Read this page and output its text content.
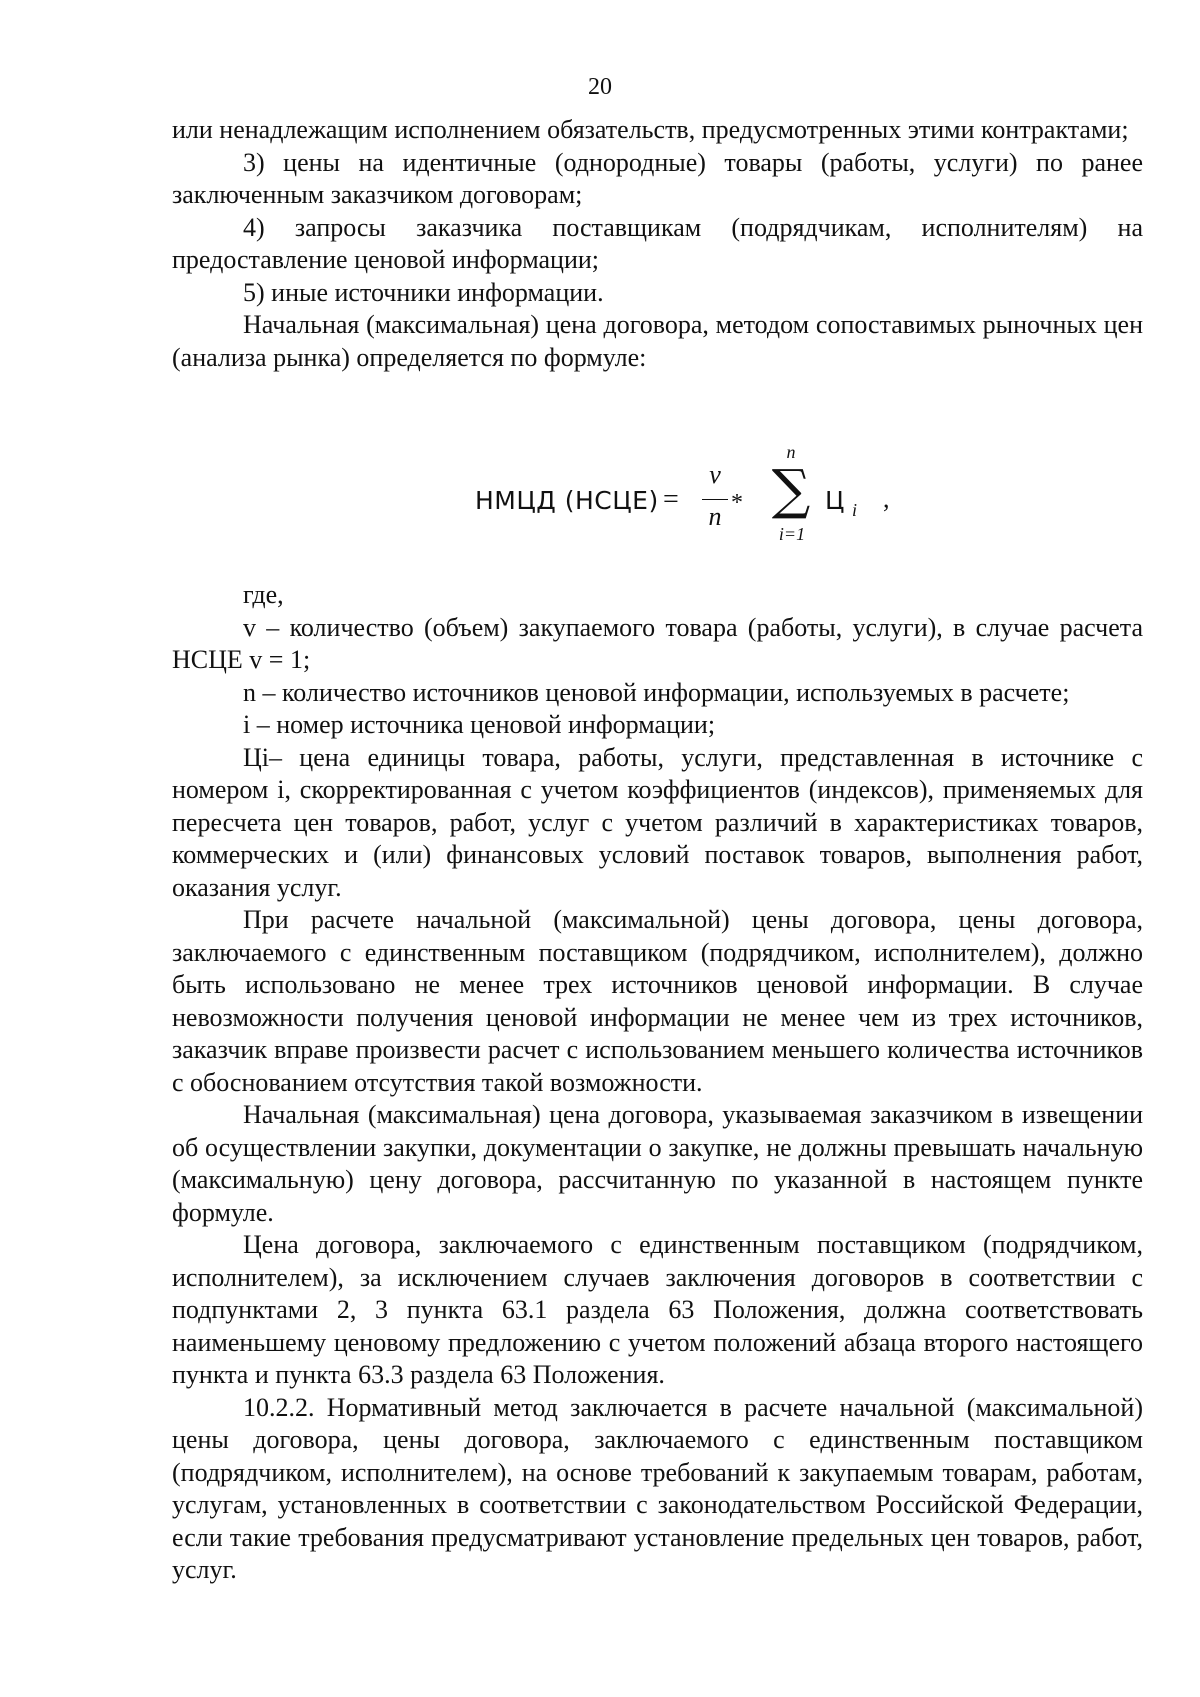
20

или ненадлежащим исполнением обязательств, предусмотренных этими контрактами;

3) цены на идентичные (однородные) товары (работы, услуги) по ранее заключенным заказчиком договорам;

4) запросы заказчика поставщикам (подрядчикам, исполнителям) на предоставление ценовой информации;

5) иные источники информации.

Начальная (максимальная) цена договора, методом сопоставимых рыночных цен (анализа рынка) определяется по формуле:

НМЦД (НСЦЕ) =
v
n *
n
∑
i=1
Ц i ,

где,

v – количество (объем) закупаемого товара (работы, услуги), в случае расчета НСЦЕ v = 1;

n – количество источников ценовой информации, используемых в расчете;

i – номер источника ценовой информации;

Цi– цена единицы товара, работы, услуги, представленная в источнике с номером i, скорректированная с учетом коэффициентов (индексов), применяемых для пересчета цен товаров, работ, услуг с учетом различий в характеристиках товаров, коммерческих и (или) финансовых условий поставок товаров, выполнения работ, оказания услуг.

При расчете начальной (максимальной) цены договора, цены договора, заключаемого с единственным поставщиком (подрядчиком, исполнителем), должно быть использовано не менее трех источников ценовой информации. В случае невозможности получения ценовой информации не менее чем из трех источников, заказчик вправе произвести расчет с использованием меньшего количества источников с обоснованием отсутствия такой возможности.

Начальная (максимальная) цена договора, указываемая заказчиком в извещении об осуществлении закупки, документации о закупке, не должны превышать начальную (максимальную) цену договора, рассчитанную по указанной в настоящем пункте формуле.

Цена договора, заключаемого с единственным поставщиком (подрядчиком, исполнителем), за исключением случаев заключения договоров в соответствии с подпунктами 2, 3 пункта 63.1 раздела 63 Положения, должна соответствовать наименьшему ценовому предложению с учетом положений абзаца второго настоящего пункта и пункта 63.3 раздела 63 Положения.

10.2.2. Нормативный метод заключается в расчете начальной (максимальной) цены договора, цены договора, заключаемого с единственным поставщиком (подрядчиком, исполнителем), на основе требований к закупаемым товарам, работам, услугам, установленных в соответствии с законодательством Российской Федерации, если такие требования предусматривают установление предельных цен товаров, работ, услуг.
